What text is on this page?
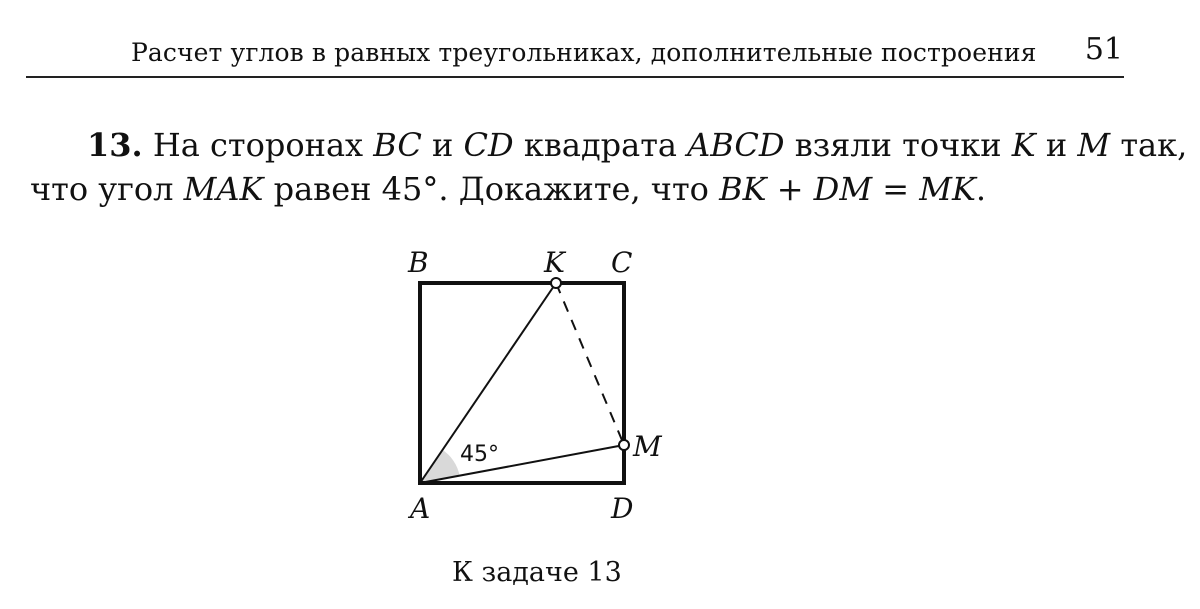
Расчет углов в равных треугольниках, дополнительные построения 51
13. На сторонах BC и CD квадрата ABCD взяли точки K и M так,
что угол MAK равен 45°. Докажите, что BK + DM = MK.
B	K C
M
A	D
45°
К задаче 13
